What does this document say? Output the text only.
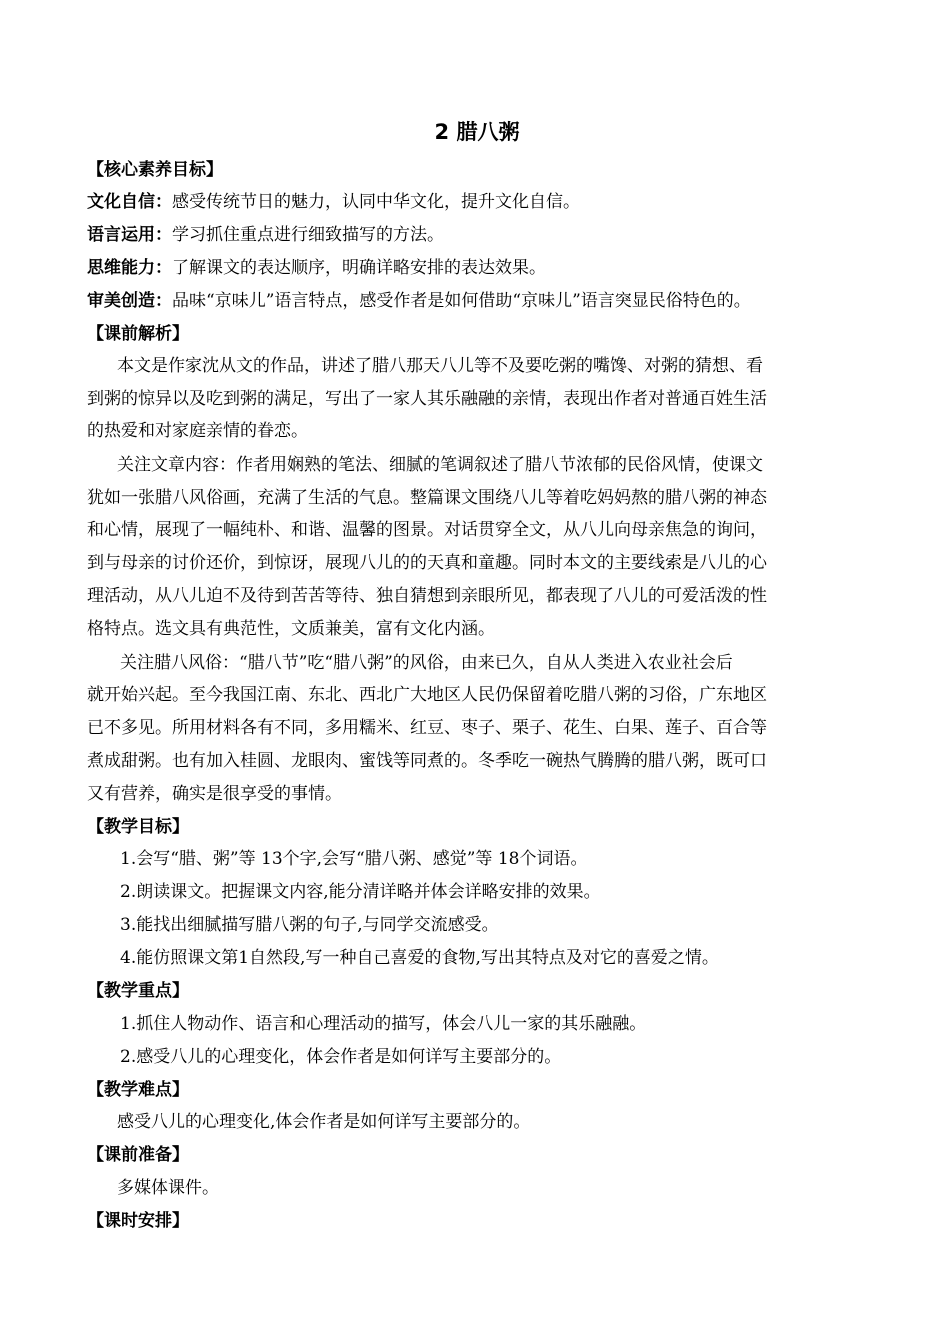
2 腊八粥
【核心素养目标】
文化自信：感受传统节日的魅力，认同中华文化，提升文化自信。
语言运用：学习抓住重点进行细致描写的方法。
思维能力：了解课文的表达顺序，明确详略安排的表达效果。
审美创造：品味“京味儿”语言特点，感受作者是如何借助“京味儿”语言突显民俗特色的。
【课前解析】
本文是作家沈从文的作品，讲述了腊八那天八儿等不及要吃粥的嘴馋、对粥的猜想、看
到粥的惊异以及吃到粥的满足，写出了一家人其乐融融的亲情，表现出作者对普通百姓生活
的热爱和对家庭亲情的眷恋。
关注文章内容：作者用娴熟的笔法、细腻的笔调叙述了腊八节浓郁的民俗风情，使课文
犹如一张腊八风俗画，充满了生活的气息。整篇课文围绕八儿等着吃妈妈熬的腊八粥的神态
和心情，展现了一幅纯朴、和谐、温馨的图景。对话贯穿全文，从八儿向母亲焦急的询问，
到与母亲的讨价还价，到惊讶，展现八儿的的天真和童趣。同时本文的主要线索是八儿的心
理活动，从八儿迫不及待到苦苦等待、独自猜想到亲眼所见，都表现了八儿的可爱活泼的性
格特点。选文具有典范性，文质兼美，富有文化内涵。
关注腊八风俗：“腊八节”吃“腊八粥”的风俗，由来已久，自从人类进入农业社会后
就开始兴起。至今我国江南、东北、西北广大地区人民仍保留着吃腊八粥的习俗，广东地区
已不多见。所用材料各有不同，多用糯米、红豆、枣子、栗子、花生、白果、莲子、百合等
煮成甜粥。也有加入桂圆、龙眼肉、蜜饯等同煮的。冬季吃一碗热气腾腾的腊八粥，既可口
又有营养，确实是很享受的事情。
【教学目标】
1.会写“腊、粥”等 13个字,会写“腊八粥、感觉”等 18个词语。
2.朗读课文。把握课文内容,能分清详略并体会详略安排的效果。
3.能找出细腻描写腊八粥的句子,与同学交流感受。
4.能仿照课文第1自然段,写一种自己喜爱的食物,写出其特点及对它的喜爱之情。
【教学重点】
1.抓住人物动作、语言和心理活动的描写，体会八儿一家的其乐融融。
2.感受八儿的心理变化，体会作者是如何详写主要部分的。
【教学难点】
感受八儿的心理变化,体会作者是如何详写主要部分的。
【课前准备】
多媒体课件。
【课时安排】
